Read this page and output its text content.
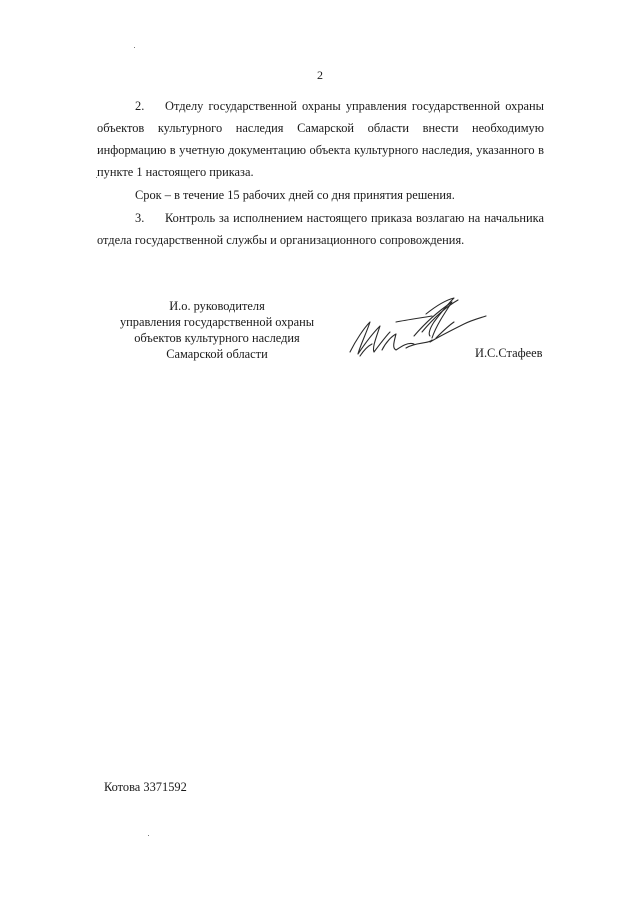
2

2. Отделу государственной охраны управления государственной охраны объектов культурного наследия Самарской области внести необходимую информацию в учетную документацию объекта культурного наследия, указанного в пункте 1 настоящего приказа.

Срок – в течение 15 рабочих дней со дня принятия решения.

3. Контроль за исполнением настоящего приказа возлагаю на начальника отдела государственной службы и организационного сопровождения.

И.о. руководителя
управления государственной охраны
объектов культурного наследия
Самарской области	И.С.Стафеев
Котова 3371592
